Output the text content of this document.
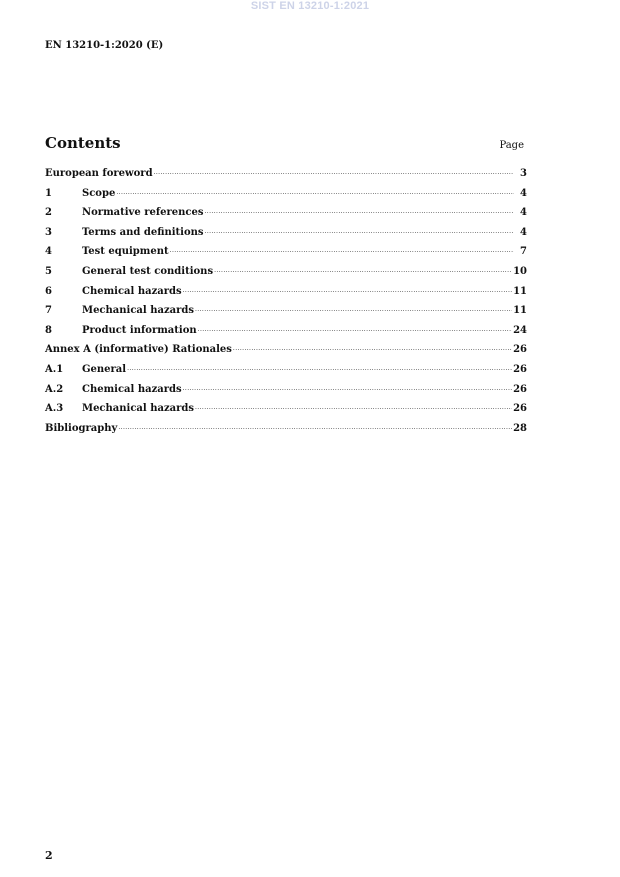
SIST EN 13210-1:2021
EN 13210-1:2020 (E)
Contents	Page
European foreword .....	3
1	Scope .....	4
2	Normative references .....	4
3	Terms and definitions .....	4
4	Test equipment .....	7
5	General test conditions .....	10
6	Chemical hazards .....	11
7	Mechanical hazards .....	11
8	Product information .....	24
Annex A (informative) Rationales .....	26
A.1	General .....	26
A.2	Chemical hazards .....	26
A.3	Mechanical hazards .....	26
Bibliography .....	28
2
